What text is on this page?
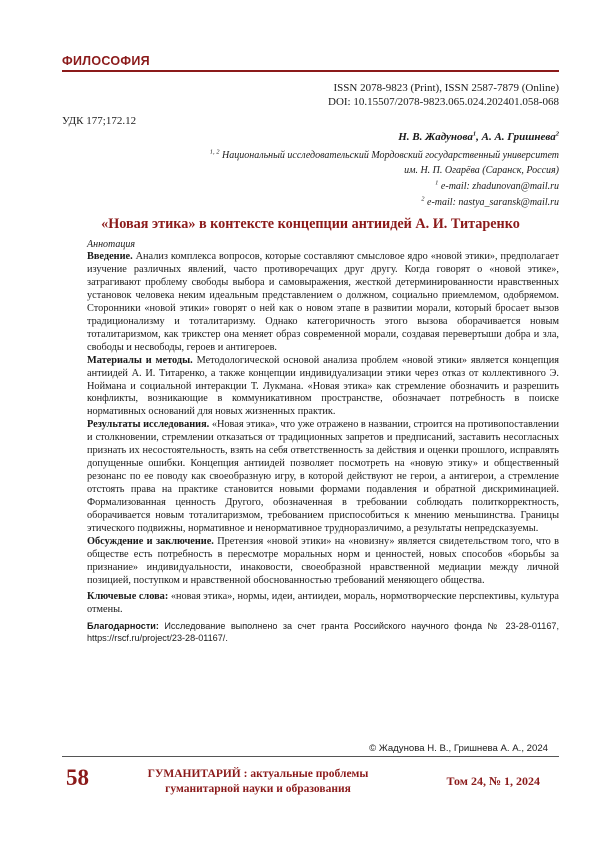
ФИЛОСОФИЯ
ISSN 2078-9823 (Print), ISSN 2587-7879 (Online)
DOI: 10.15507/2078-9823.065.024.202401.058-068
УДК 177;172.12
Н. В. Жадунова$^1$, А. А. Гришнева$^2$
$^{1, 2}$ Национальный исследовательский Мордовский государственный университет
им. Н. П. Огарёва (Саранск, Россия)
$^1$ e-mail: zhadunovan@mail.ru
$^2$ e-mail: nastya_saransk@mail.ru
«Новая этика» в контексте концепции антиидей А. И. Титаренко
Аннотация

Введение. Анализ комплекса вопросов, которые составляют смысловое ядро «новой этики», предполагает изучение различных явлений, часто противоречащих друг другу. Когда говорят о «новой этике», затрагивают проблему свободы выбора и самовыражения, жесткой детерминированности нравственных установок человека неким идеальным представлением о должном, социально приемлемом, одобряемом. Сторонники «новой этики» говорят о ней как о новом этапе в развитии морали, который бросает вызов традиционализму и тоталитаризму. Однако категоричность этого вызова оборачивается новым тоталитаризмом, как трикстер она меняет образ современной морали, создавая перевертыши добра и зла, свободы и несвободы, героев и антигероев.

Материалы и методы. Методологической основой анализа проблем «новой этики» является концепция антиидей А. И. Титаренко, а также концепции индивидуализации этики через отказ от коллективного Э. Ноймана и социальной интеракции Т. Лукмана. «Новая этика» как стремление обозначить и разрешить конфликты, возникающие в коммуникативном пространстве, обозначает потребность в поиске нормативных оснований для новых жизненных практик.

Результаты исследования. «Новая этика», что уже отражено в названии, строится на противопоставлении и столкновении, стремлении отказаться от традиционных запретов и предписаний, заставить несогласных признать их несостоятельность, взять на себя ответственность за действия и оценки прошлого, исправлять допущенные ошибки. Концепция антиидей позволяет посмотреть на «новую этику» и общественный резонанс по ее поводу как своеобразную игру, в которой действуют не герои, а антигерои, а стремление отстоять права на практике становится новыми формами подавления и обратной дискриминацией. Формализованная ценность Другого, обозначенная в требовании соблюдать политкорректность, оборачивается новым тоталитаризмом, требованием приспособиться к мнению меньшинства. Границы этического подвижны, нормативное и ненормативное трудноразличимо, а результаты непредсказуемы.

Обсуждение и заключение. Претензия «новой этики» на «новизну» является свидетельством того, что в обществе есть потребность в пересмотре моральных норм и ценностей, новых способов «борьбы за признание» индивидуальности, инаковости, своеобразной нравственной медиации между личной позицией, поступком и нравственной обоснованностью требований меняющего общества.

Ключевые слова: «новая этика», нормы, идеи, антиидеи, мораль, нормотворческие перспективы, культура отмены.

Благодарности: Исследование выполнено за счет гранта Российского научного фонда № 23-28-01167, https://rscf.ru/project/23-28-01167/.

© Жадунова Н. В., Гришнева А. А., 2024
58	ГУМАНИТАРИЙ : актуальные проблемы
гуманитарной науки и образования
Том 24, № 1, 2024
